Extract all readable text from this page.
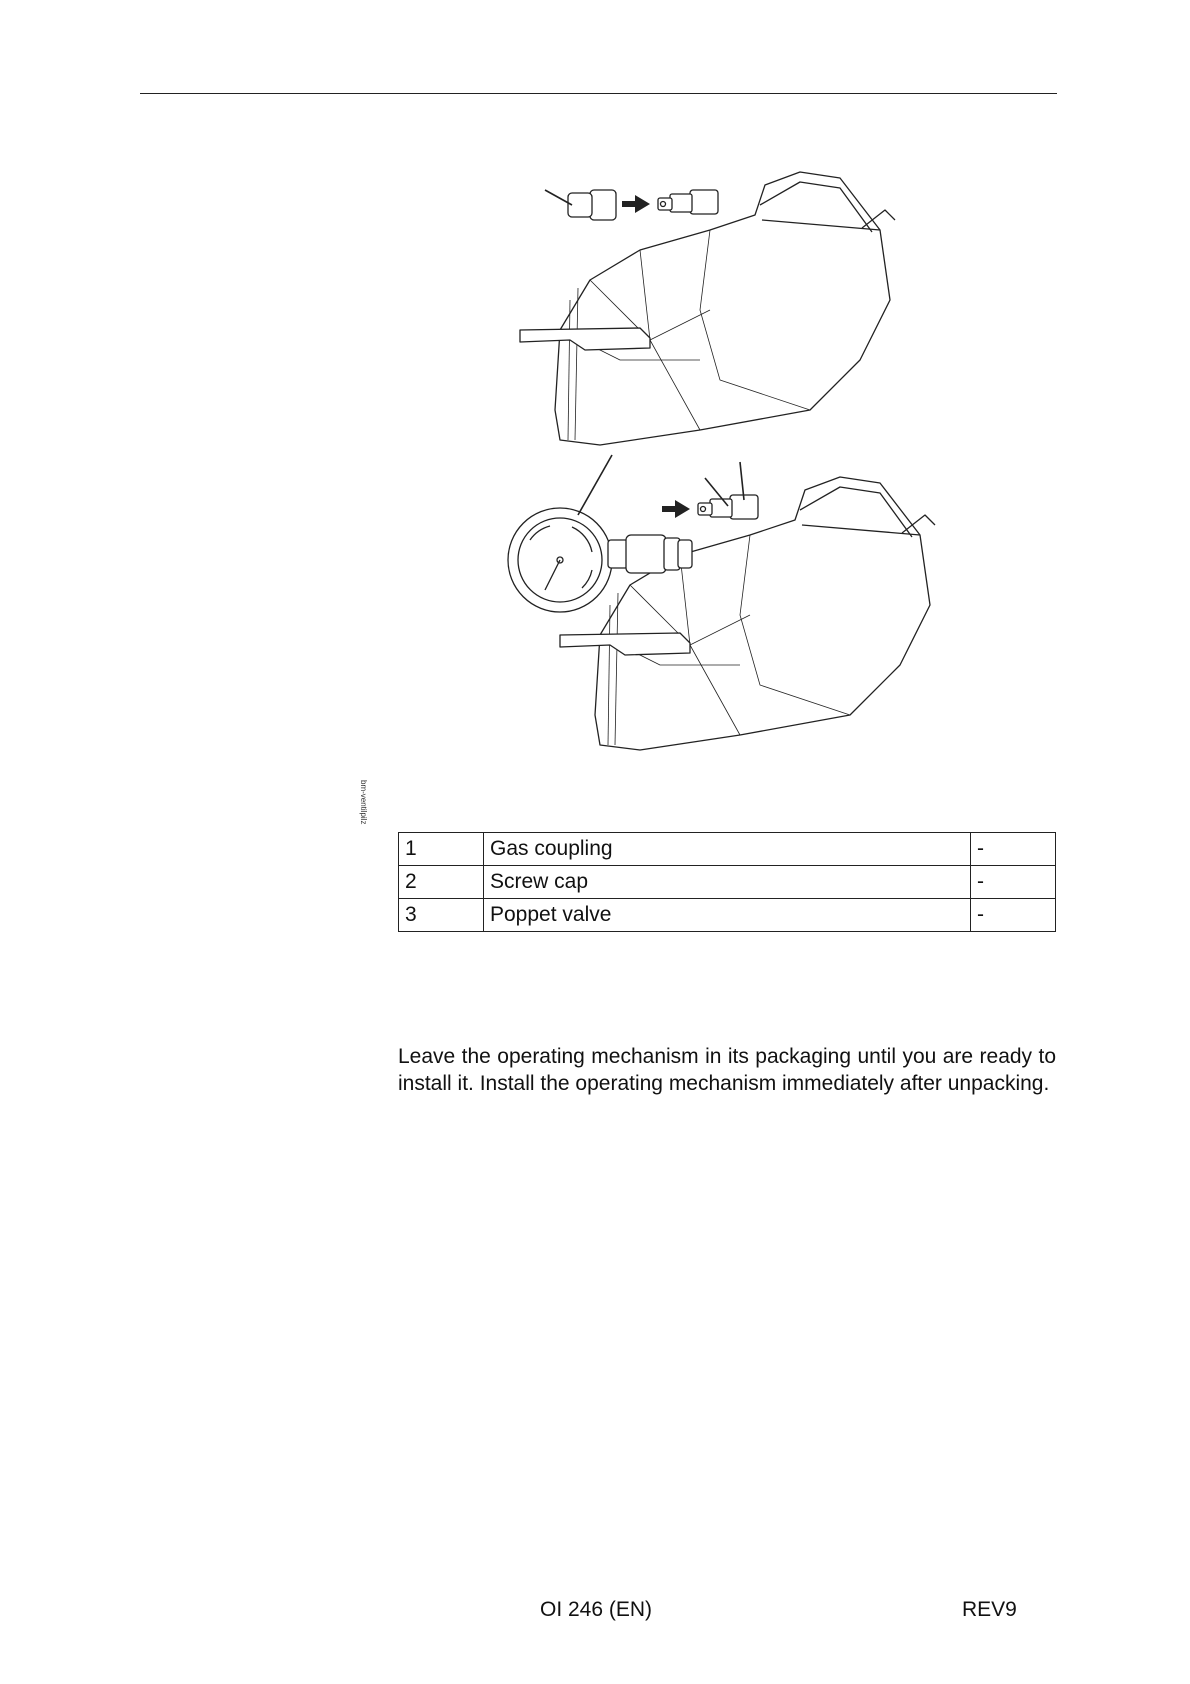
bm-ventilpilz
1	Gas coupling	-
2	Screw cap	-
3	Poppet valve	-

Leave the operating mechanism in its packaging until you are ready to install it. Install the operating mechanism immediately after unpacking.

OI 246 (EN)	REV9
